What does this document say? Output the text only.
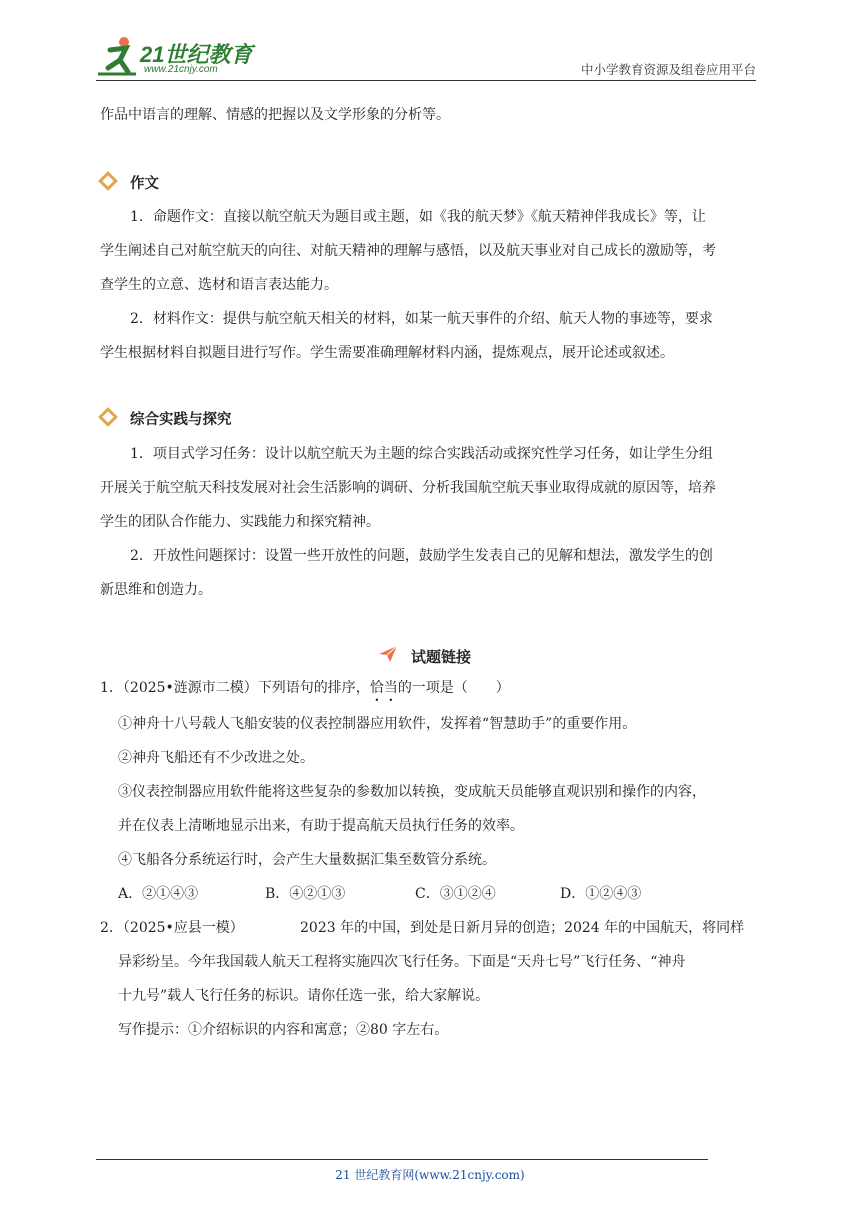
21世纪教育
www.21cnjy.com	中小学教育资源及组卷应用平台
作品中语言的理解、情感的把握以及文学形象的分析等。
作文
1．命题作文：直接以航空航天为题目或主题，如《我的航天梦》《航天精神伴我成长》等，让
学生阐述自己对航空航天的向往、对航天精神的理解与感悟，以及航天事业对自己成长的激励等，考
查学生的立意、选材和语言表达能力。
2．材料作文：提供与航空航天相关的材料，如某一航天事件的介绍、航天人物的事迹等，要求
学生根据材料自拟题目进行写作。学生需要准确理解材料内涵，提炼观点，展开论述或叙述。
综合实践与探究
1．项目式学习任务：设计以航空航天为主题的综合实践活动或探究性学习任务，如让学生分组
开展关于航空航天科技发展对社会生活影响的调研、分析我国航空航天事业取得成就的原因等，培养
学生的团队合作能力、实践能力和探究精神。
2．开放性问题探讨：设置一些开放性的问题，鼓励学生发表自己的见解和想法，激发学生的创
新思维和创造力。
试题链接
1．（2025•涟源市二模）下列语句的排序，恰当的一项是（　　）
①神舟十八号载人飞船安装的仪表控制器应用软件，发挥着“智慧助手”的重要作用。
②神舟飞船还有不少改进之处。
③仪表控制器应用软件能将这些复杂的参数加以转换，变成航天员能够直观识别和操作的内容，
并在仪表上清晰地显示出来，有助于提高航天员执行任务的效率。
④飞船各分系统运行时，会产生大量数据汇集至数管分系统。
A．②①④③	B．④②①③	C．③①②④	D．①②④③
2．（2025•应县一模）	2023 年的中国，到处是日新月异的创造；2024 年的中国航天，将同样
异彩纷呈。今年我国载人航天工程将实施四次飞行任务。下面是“天舟七号”飞行任务、“神舟
十九号”载人飞行任务的标识。请你任选一张，给大家解说。
写作提示：①介绍标识的内容和寓意；②80 字左右。
21 世纪教育网(www.21cnjy.com)
